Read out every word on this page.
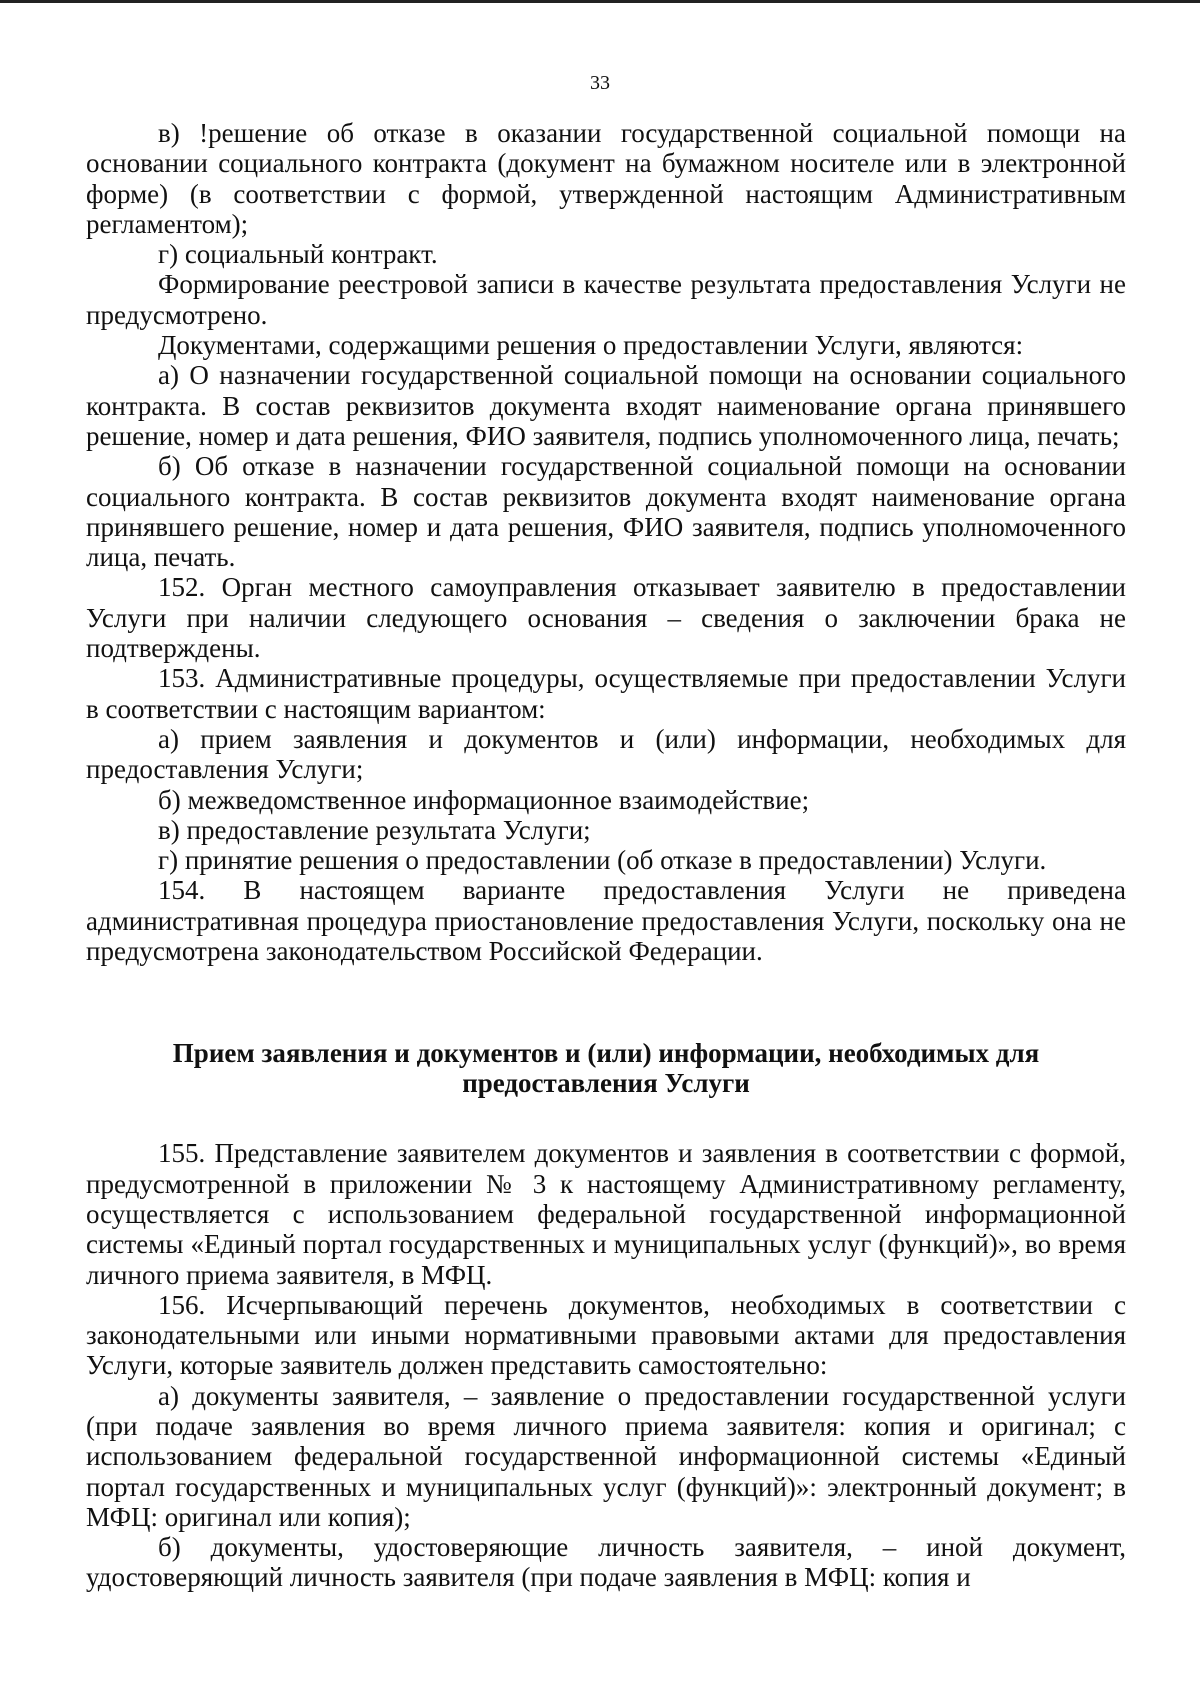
33

в) !решение об отказе в оказании государственной социальной помощи на основании социального контракта (документ на бумажном носителе или в электронной форме) (в соответствии с формой, утвержденной настоящим Административным регламентом);

г) социальный контракт.

Формирование реестровой записи в качестве результата предоставления Услуги не предусмотрено.

Документами, содержащими решения о предоставлении Услуги, являются:

а) О назначении государственной социальной помощи на основании социального контракта. В состав реквизитов документа входят наименование органа принявшего решение, номер и дата решения, ФИО заявителя, подпись уполномоченного лица, печать;

б) Об отказе в назначении государственной социальной помощи на основании социального контракта. В состав реквизитов документа входят наименование органа принявшего решение, номер и дата решения, ФИО заявителя, подпись уполномоченного лица, печать.

152. Орган местного самоуправления отказывает заявителю в предоставлении Услуги при наличии следующего основания – сведения о заключении брака не подтверждены.

153. Административные процедуры, осуществляемые при предоставлении Услуги в соответствии с настоящим вариантом:

а) прием заявления и документов и (или) информации, необходимых для предоставления Услуги;

б) межведомственное информационное взаимодействие;

в) предоставление результата Услуги;

г) принятие решения о предоставлении (об отказе в предоставлении) Услуги.

154. В настоящем варианте предоставления Услуги не приведена административная процедура приостановление предоставления Услуги, поскольку она не предусмотрена законодательством Российской Федерации.

Прием заявления и документов и (или) информации, необходимых для предоставления Услуги

155. Представление заявителем документов и заявления в соответствии с формой, предусмотренной в приложении № 3 к настоящему Административному регламенту, осуществляется с использованием федеральной государственной информационной системы «Единый портал государственных и муниципальных услуг (функций)», во время личного приема заявителя, в МФЦ.

156. Исчерпывающий перечень документов, необходимых в соответствии с законодательными или иными нормативными правовыми актами для предоставления Услуги, которые заявитель должен представить самостоятельно:

а) документы заявителя, – заявление о предоставлении государственной услуги (при подаче заявления во время личного приема заявителя: копия и оригинал; с использованием федеральной государственной информационной системы «Единый портал государственных и муниципальных услуг (функций)»: электронный документ; в МФЦ: оригинал или копия);

б) документы, удостоверяющие личность заявителя, – иной документ, удостоверяющий личность заявителя (при подаче заявления в МФЦ: копия и
